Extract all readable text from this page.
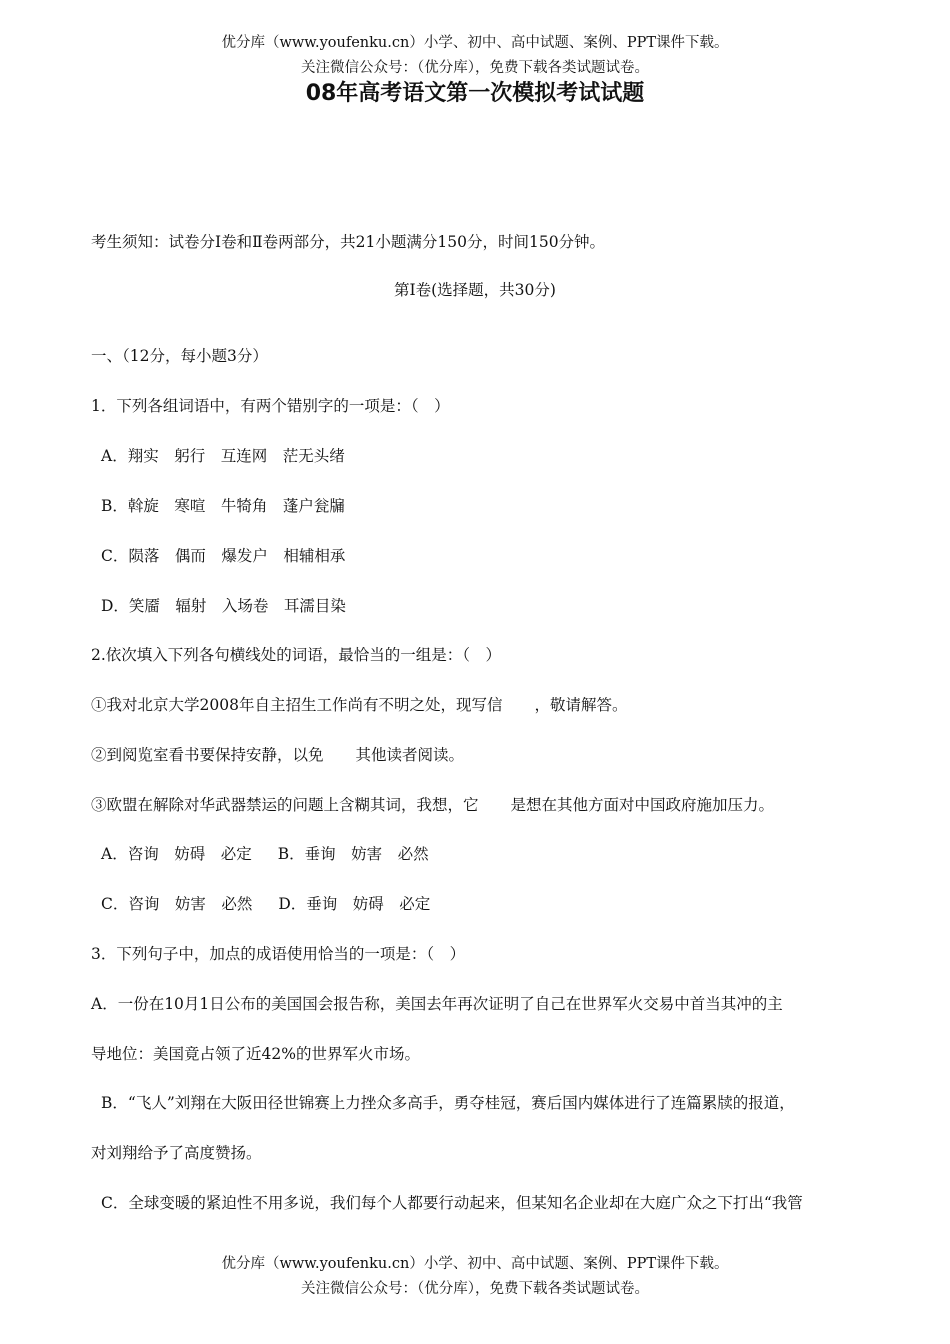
优分库（www.youfenku.cn）小学、初中、高中试题、案例、PPT课件下载。
关注微信公众号：（优分库），免费下载各类试题试卷。
08年高考语文第一次模拟考试试题
考生须知：试卷分Ⅰ卷和Ⅱ卷两部分，共21小题满分150分，时间150分钟。
第Ⅰ卷(选择题，共30分)
一、（12分，每小题3分）
1．下列各组词语中，有两个错别字的一项是：（　）
A．翔实　躬行　互连网　茫无头绪
B．斡旋　寒喧　牛犄角　蓬户瓮牖
C．陨落　偶而　爆发户　相辅相承
D．笑靥　辐射　入场卷　耳濡目染
2.依次填入下列各句横线处的词语，最恰当的一组是：（　）
①我对北京大学2008年自主招生工作尚有不明之处，现写信 ，敬请解答。
②到阅览室看书要保持安静，以免 其他读者阅读。
③欧盟在解除对华武器禁运的问题上含糊其词，我想，它 是想在其他方面对中国政府施加压力。
A．咨询　妨碍　必定 B．垂询　妨害　必然
C．咨询　妨害　必然 D．垂询　妨碍　必定
3．下列句子中，加点的成语使用恰当的一项是：（　）
A．一份在10月1日公布的美国国会报告称，美国去年再次证明了自己在世界军火交易中首当其冲的主
导地位：美国竟占领了近42%的世界军火市场。
B．“飞人”刘翔在大阪田径世锦赛上力挫众多高手，勇夺桂冠，赛后国内媒体进行了连篇累牍的报道，
对刘翔给予了高度赞扬。
C．全球变暖的紧迫性不用多说，我们每个人都要行动起来，但某知名企业却在大庭广众之下打出“我管
优分库（www.youfenku.cn）小学、初中、高中试题、案例、PPT课件下载。
关注微信公众号：（优分库），免费下载各类试题试卷。
